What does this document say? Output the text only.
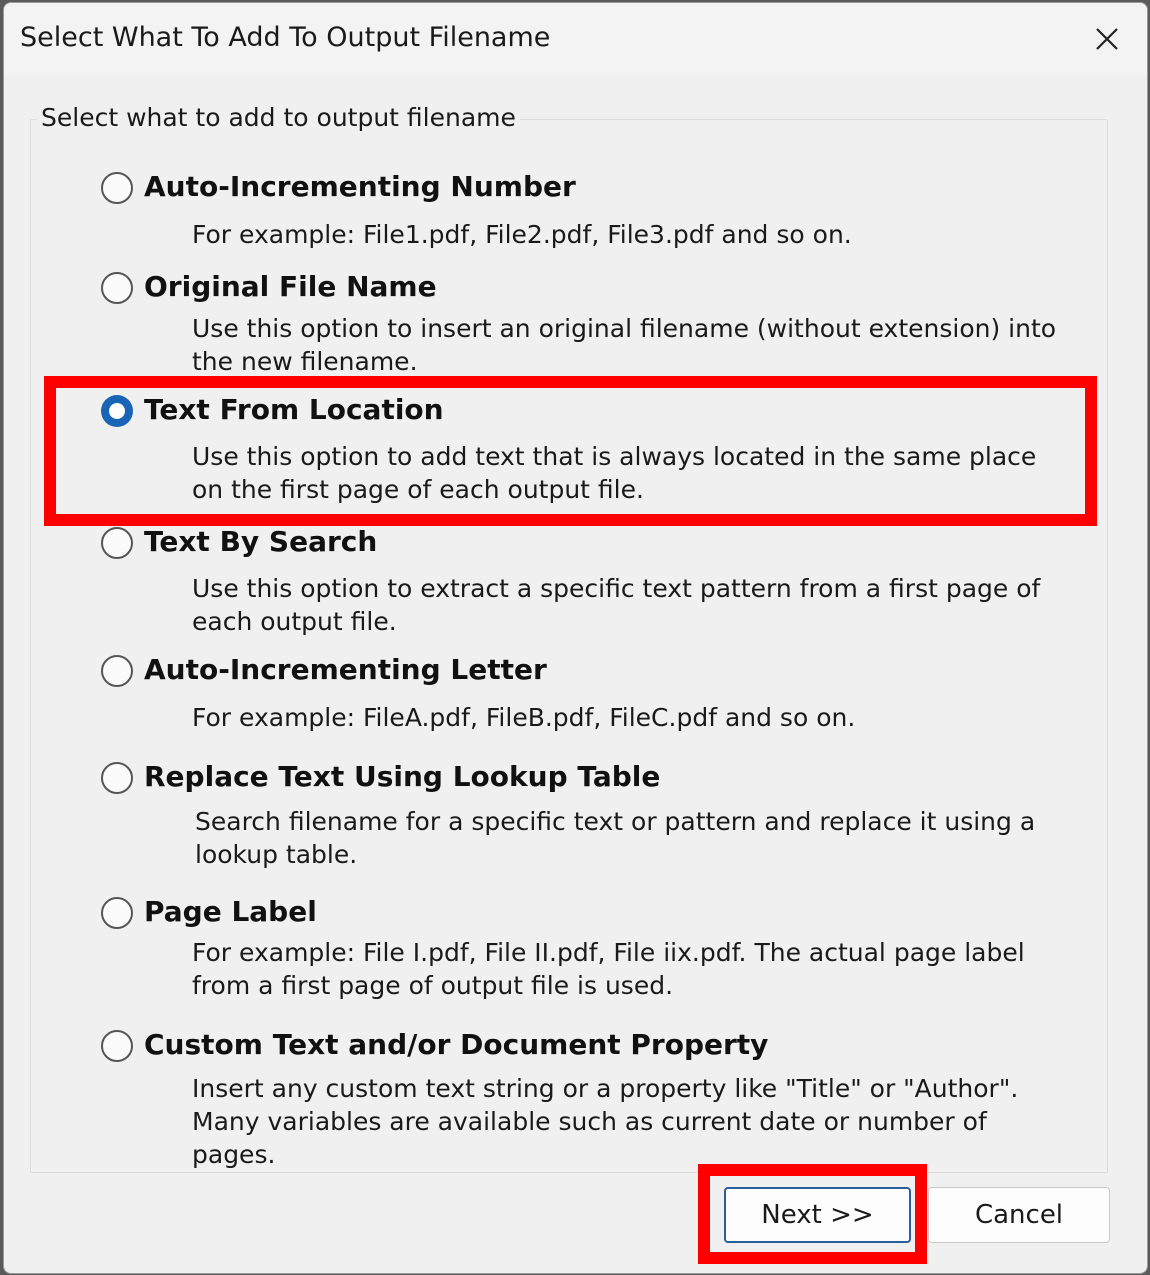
Select What To Add To Output Filename
Select what to add to output filename
Auto-Incrementing Number
For example: File1.pdf, File2.pdf, File3.pdf and so on.
Original File Name
Use this option to insert an original filename (without extension) into the new filename.
Text From Location
Use this option to add text that is always located in the same place on the first page of each output file.
Text By Search
Use this option to extract a specific text pattern from a first page of each output file.
Auto-Incrementing Letter
For example: FileA.pdf, FileB.pdf, FileC.pdf and so on.
Replace Text Using Lookup Table
Search filename for a specific text or pattern and replace it using a lookup table.
Page Label
For example: File I.pdf, File II.pdf, File iix.pdf. The actual page label from a first page of output file is used.
Custom Text and/or Document Property
Insert any custom text string or a property like "Title" or "Author". Many variables are available such as current date or number of pages.
Next >>	Cancel
